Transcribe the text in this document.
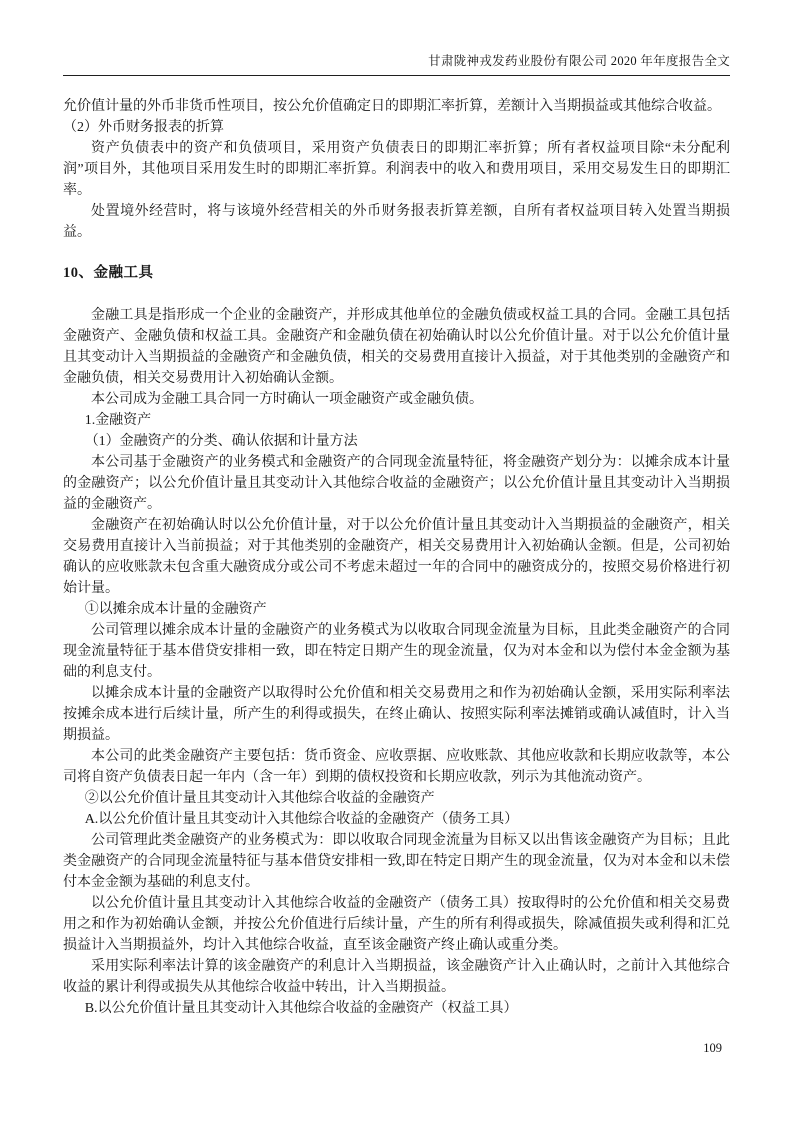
甘肃陇神戎发药业股份有限公司 2020 年年度报告全文

允价值计量的外币非货币性项目，按公允价值确定日的即期汇率折算，差额计入当期损益或其他综合收益。

（2）外币财务报表的折算

资产负债表中的资产和负债项目，采用资产负债表日的即期汇率折算；所有者权益项目除“未分配利润”项目外，其他项目采用发生时的即期汇率折算。利润表中的收入和费用项目，采用交易发生日的即期汇率。

处置境外经营时，将与该境外经营相关的外币财务报表折算差额，自所有者权益项目转入处置当期损益。

10、金融工具

金融工具是指形成一个企业的金融资产，并形成其他单位的金融负债或权益工具的合同。金融工具包括金融资产、金融负债和权益工具。金融资产和金融负债在初始确认时以公允价值计量。对于以公允价值计量且其变动计入当期损益的金融资产和金融负债，相关的交易费用直接计入损益，对于其他类别的金融资产和金融负债，相关交易费用计入初始确认金额。

本公司成为金融工具合同一方时确认一项金融资产或金融负债。

1.金融资产

（1）金融资产的分类、确认依据和计量方法

本公司基于金融资产的业务模式和金融资产的合同现金流量特征，将金融资产划分为：以摊余成本计量的金融资产；以公允价值计量且其变动计入其他综合收益的金融资产；以公允价值计量且其变动计入当期损益的金融资产。

金融资产在初始确认时以公允价值计量，对于以公允价值计量且其变动计入当期损益的金融资产，相关交易费用直接计入当前损益；对于其他类别的金融资产，相关交易费用计入初始确认金额。但是，公司初始确认的应收账款未包含重大融资成分或公司不考虑未超过一年的合同中的融资成分的，按照交易价格进行初始计量。

①以摊余成本计量的金融资产

公司管理以摊余成本计量的金融资产的业务模式为以收取合同现金流量为目标，且此类金融资产的合同现金流量特征于基本借贷安排相一致，即在特定日期产生的现金流量，仅为对本金和以为偿付本金金额为基础的利息支付。

以摊余成本计量的金融资产以取得时公允价值和相关交易费用之和作为初始确认金额，采用实际利率法按摊余成本进行后续计量，所产生的利得或损失，在终止确认、按照实际利率法摊销或确认减值时，计入当期损益。

本公司的此类金融资产主要包括：货币资金、应收票据、应收账款、其他应收款和长期应收款等，本公司将自资产负债表日起一年内（含一年）到期的债权投资和长期应收款，列示为其他流动资产。

②以公允价值计量且其变动计入其他综合收益的金融资产

A.以公允价值计量且其变动计入其他综合收益的金融资产（债务工具）

公司管理此类金融资产的业务模式为：即以收取合同现金流量为目标又以出售该金融资产为目标；且此类金融资产的合同现金流量特征与基本借贷安排相一致,即在特定日期产生的现金流量，仅为对本金和以未偿付本金金额为基础的利息支付。

以公允价值计量且其变动计入其他综合收益的金融资产（债务工具）按取得时的公允价值和相关交易费用之和作为初始确认金额，并按公允价值进行后续计量，产生的所有利得或损失，除减值损失或利得和汇兑损益计入当期损益外，均计入其他综合收益，直至该金融资产终止确认或重分类。

采用实际利率法计算的该金融资产的利息计入当期损益，该金融资产计入止确认时，之前计入其他综合收益的累计利得或损失从其他综合收益中转出，计入当期损益。

B.以公允价值计量且其变动计入其他综合收益的金融资产（权益工具）

109
